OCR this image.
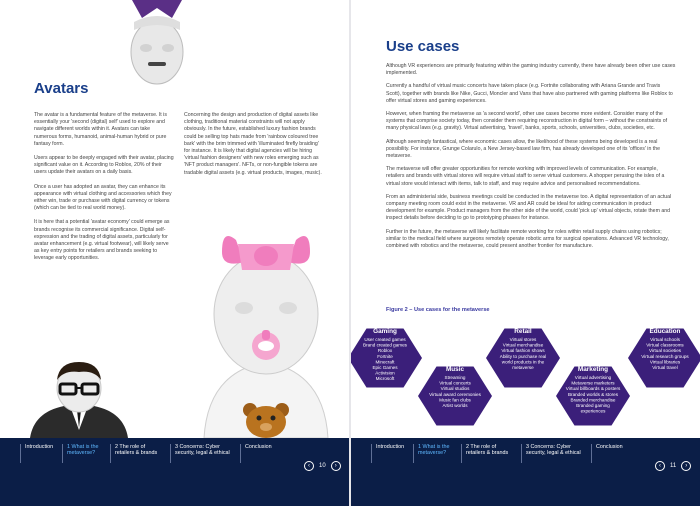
Avatars

The avatar is a fundamental feature of the metaverse. It is essentially your 'second (digital) self' used to explore and navigate different worlds within it. Avatars can take numerous forms, humanoid, animal-human hybrid or pure fantasy form.

Users appear to be deeply engaged with their avatar, placing significant value on it. According to Roblox, 20% of their users update their avatars on a daily basis.

Once a user has adopted an avatar, they can enhance its appearance with virtual clothing and accessories which they either win, trade or purchase with digital currency or tokens (which can be tied to real world money).

It is here that a potential 'avatar economy' could emerge as brands recognise its commercial significance. Digital self-expression and the trading of digital assets, particularly for avatar enhancement (e.g. virtual footwear), will likely serve as key entry points for retailers and brands seeking to leverage early opportunities.

Concerning the design and production of digital assets like clothing, traditional material constraints will not apply obviously. In the future, established luxury fashion brands could be selling top hats made from 'rainbow coloured tree bark' with the brim trimmed with 'illuminated firefly braiding' for instance. It is likely that digital agencies will be hiring 'virtual fashion designers' with new roles emerging such as 'NFT product managers'. NFTs, or non-fungible tokens are tradable digital assets (e.g. virtual products, images, music).

Introduction	1 What is the
metaverse?
2 The role of
retailers & brands
3 Concerns: Cyber
security, legal & ethical
Conclusion
‹	10	›
Use cases

Although VR experiences are primarily featuring within the gaming industry currently, there have already been other use cases implemented.

Currently a handful of virtual music concerts have taken place (e.g. Fortnite collaborating with Ariana Grande and Travis Scott), together with brands like Nike, Gucci, Moncler and Vans that have also partnered with gaming platforms like Roblox to offer virtual stores and gaming experiences.

However, when framing the metaverse as 'a second world', other use cases become more evident. Consider many of the systems that comprise society today, then consider them requiring reconstruction in digital form – without the constraints of many physical laws (e.g. gravity). Virtual advertising, 'travel', banks, sports, schools, universities, clubs, societies, etc.

Although seemingly fantastical, where economic cases allow, the likelihood of these systems being developed is a real possibility. For instance, Grunge Colarulo, a New Jersey-based law firm, has already developed one of its 'offices' in the metaverse.

The metaverse will offer greater opportunities for remote working with improved levels of communication. For example, retailers and brands with virtual stores will require virtual staff to serve virtual customers. A shopper perusing the isles of a virtual store would interact with items, talk to staff, and may require advice and personalised recommendations.

From an administerial side, business meetings could be conducted in the metaverse too. A digital representation of an actual company meeting room could exist in the metaverse. VR and AR could be ideal for aiding communication in product development for example. Product managers from the other side of the world, could 'pick up' virtual objects, rotate them and inspect details before deciding to go to prototyping phases for instance.

Further in the future, the metaverse will likely facilitate remote working for roles within retail supply chains using robotics; similar to the medical field where surgeons remotely operate robotic arms for surgical operations. Advanced VR technology, combined with robotics and the metaverse, could present another frontier for manufacture.

Figure 2 – Use cases for the metaverse
Gaming
User created games
Brand created games
Roblox
Fortnite
Minecraft
Epic Games
Activision
Microsoft
Music
Streaming
Virtual concerts
Virtual studios
Virtual award ceremonies
Music fan clubs
Artist worlds
Retail
Virtual stores
Virtual merchandise
Virtual fashion shows
Ability to purchase real
world products in the
metaverse	Marketing
Virtual advertising
Metaverse marketers
Virtual billboards & posters
Branded worlds & stores
Branded merchandise
Branded gaming
experiences
Education
Virtual schools
Virtual classrooms
Virtual societies
Virtual research groups
Virtual libraries
Virtual travel
Introduction	1 What is the
metaverse?
2 The role of
retailers & brands
3 Concerns: Cyber
security, legal & ethical
Conclusion
‹	11	›
